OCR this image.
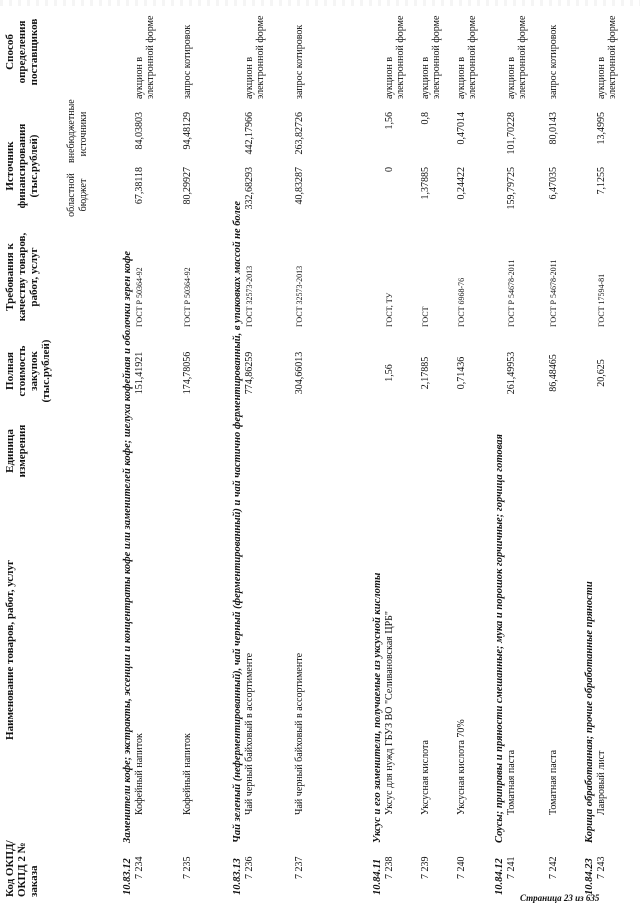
Код ОКПД/ ОКПД 2 № заказа
Наименование товаров, работ, услуг
Единица измерения
Полная стоимость закупок (тыс.рублей)
Требования к качеству товаров, работ, услуг
Источник финансирования (тыс.рублей)	областной бюджет
внебюджетные источники
Способ определения поставщиков
10.83.12
Заменители кофе; экстракты, эссенции и концентраты кофе или заменителей кофе; шелуха кофейная и оболочки зерен кофе
7 234
Кофейный напиток
151,41921
ГОСТ Р 50364-92
67,38118
84,03803
аукцион в электронной форме
7 235
Кофейный напиток
174,78056
ГОСТ Р 50364-92
80,29927
94,48129
запрос котировок
10.83.13
Чай зеленый (неферментированный), чай черный (ферментированный) и чай частично ферментированный, в упаковках массой не более
7 236
Чай черный байховый в ассортименте
774,86259
ГОСТ 32573-2013
332,68293
442,17966
аукцион в электронной форме
7 237
Чай черный байховый в ассортименте
304,66013
ГОСТ 32573-2013
40,83287
263,82726
запрос котировок
10.84.11
Уксус и его заменители, получаемые из уксусной кислоты
7 238
Уксус для нужд ГБУЗ ВО "Селивановская ЦРБ"
1,56
ГОСТ, ТУ
0
1,56
аукцион в электронной форме
7 239
Уксусная кислота
2,17885
ГОСТ
1,37885
0,8
аукцион в электронной форме
7 240
Уксусная кислота 70%
0,71436
ГОСТ 6968-76
0,24422
0,47014
аукцион в электронной форме
10.84.12
Соусы; приправы и пряности смешанные; мука и порошок горчичные; горчица готовая
7 241
Томатная паста
261,49953
ГОСТ Р 54678-2011
159,79725
101,70228
аукцион в электронной форме
7 242
Томатная паста
86,48465
ГОСТ Р 54678-2011
6,47035
80,0143
запрос котировок
10.84.23
Корица обработанная; прочие обработанные пряности
7 243
Лавровый лист
20,625
ГОСТ 17594-81
7,1255
13,4995
аукцион в электронной форме
Страница 23 из 635
